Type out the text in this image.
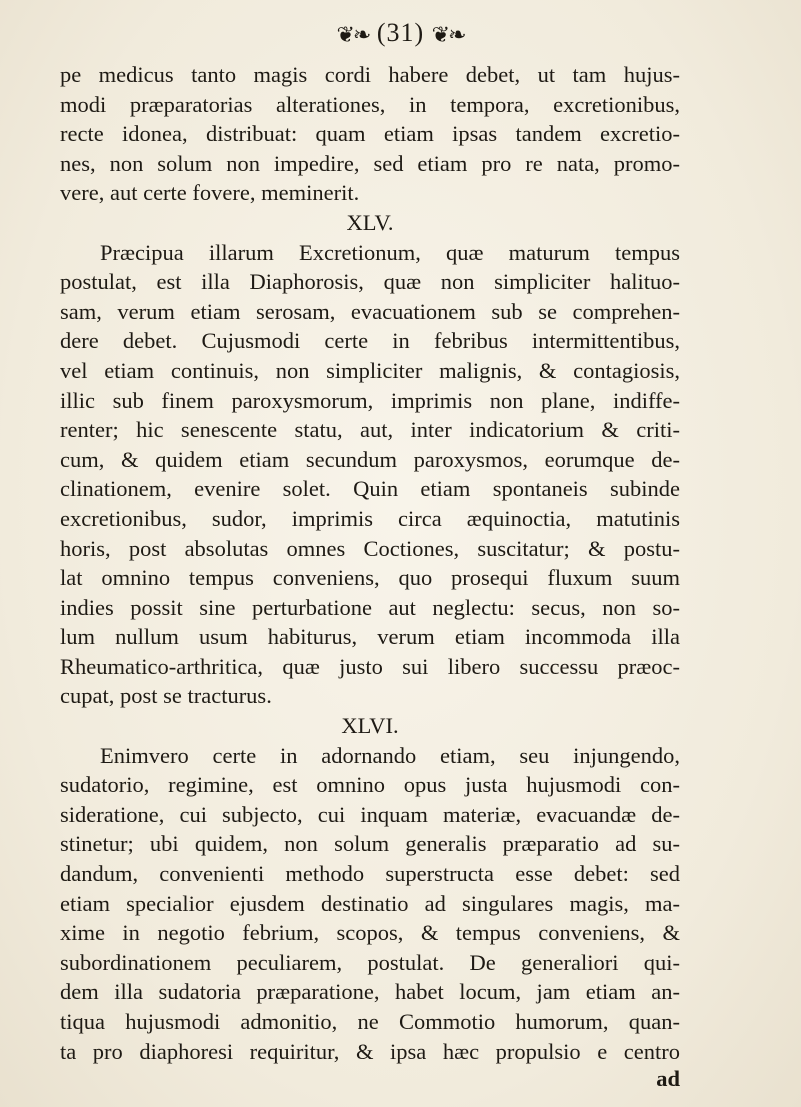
❦❧ (31) ❦❧
pe medicus tanto magis cordi habere debet, ut tam hujus-
modi præparatorias alterationes, in tempora, excretionibus,
recte idonea, distribuat: quam etiam ipsas tandem excretio-
nes, non solum non impedire, sed etiam pro re nata, promo-
vere, aut certe fovere, meminerit.
XLV.
Præcipua illarum Excretionum, quæ maturum tempus
postulat, est illa Diaphorosis, quæ non simpliciter halituo-
sam, verum etiam serosam, evacuationem sub se comprehen-
dere debet. Cujusmodi certe in febribus intermittentibus,
vel etiam continuis, non simpliciter malignis, & contagiosis,
illic sub finem paroxysmorum, imprimis non plane, indiffe-
renter; hic senescente statu, aut, inter indicatorium & criti-
cum, & quidem etiam secundum paroxysmos, eorumque de-
clinationem, evenire solet. Quin etiam spontaneis subinde
excretionibus, sudor, imprimis circa æquinoctia, matutinis
horis, post absolutas omnes Coctiones, suscitatur; & postu-
lat omnino tempus conveniens, quo prosequi fluxum suum
indies possit sine perturbatione aut neglectu: secus, non so-
lum nullum usum habiturus, verum etiam incommoda illa
Rheumatico-arthritica, quæ justo sui libero successu præoc-
cupat, post se tracturus.
XLVI.
Enimvero certe in adornando etiam, seu injungendo,
sudatorio, regimine, est omnino opus justa hujusmodi con-
sideratione, cui subjecto, cui inquam materiæ, evacuandæ de-
stinetur; ubi quidem, non solum generalis præparatio ad su-
dandum, convenienti methodo superstructa esse debet: sed
etiam specialior ejusdem destinatio ad singulares magis, ma-
xime in negotio febrium, scopos, & tempus conveniens, &
subordinationem peculiarem, postulat. De generaliori qui-
dem illa sudatoria præparatione, habet locum, jam etiam an-
tiqua hujusmodi admonitio, ne Commotio humorum, quan-
ta pro diaphoresi requiritur, & ipsa hæc propulsio e centro
ad
